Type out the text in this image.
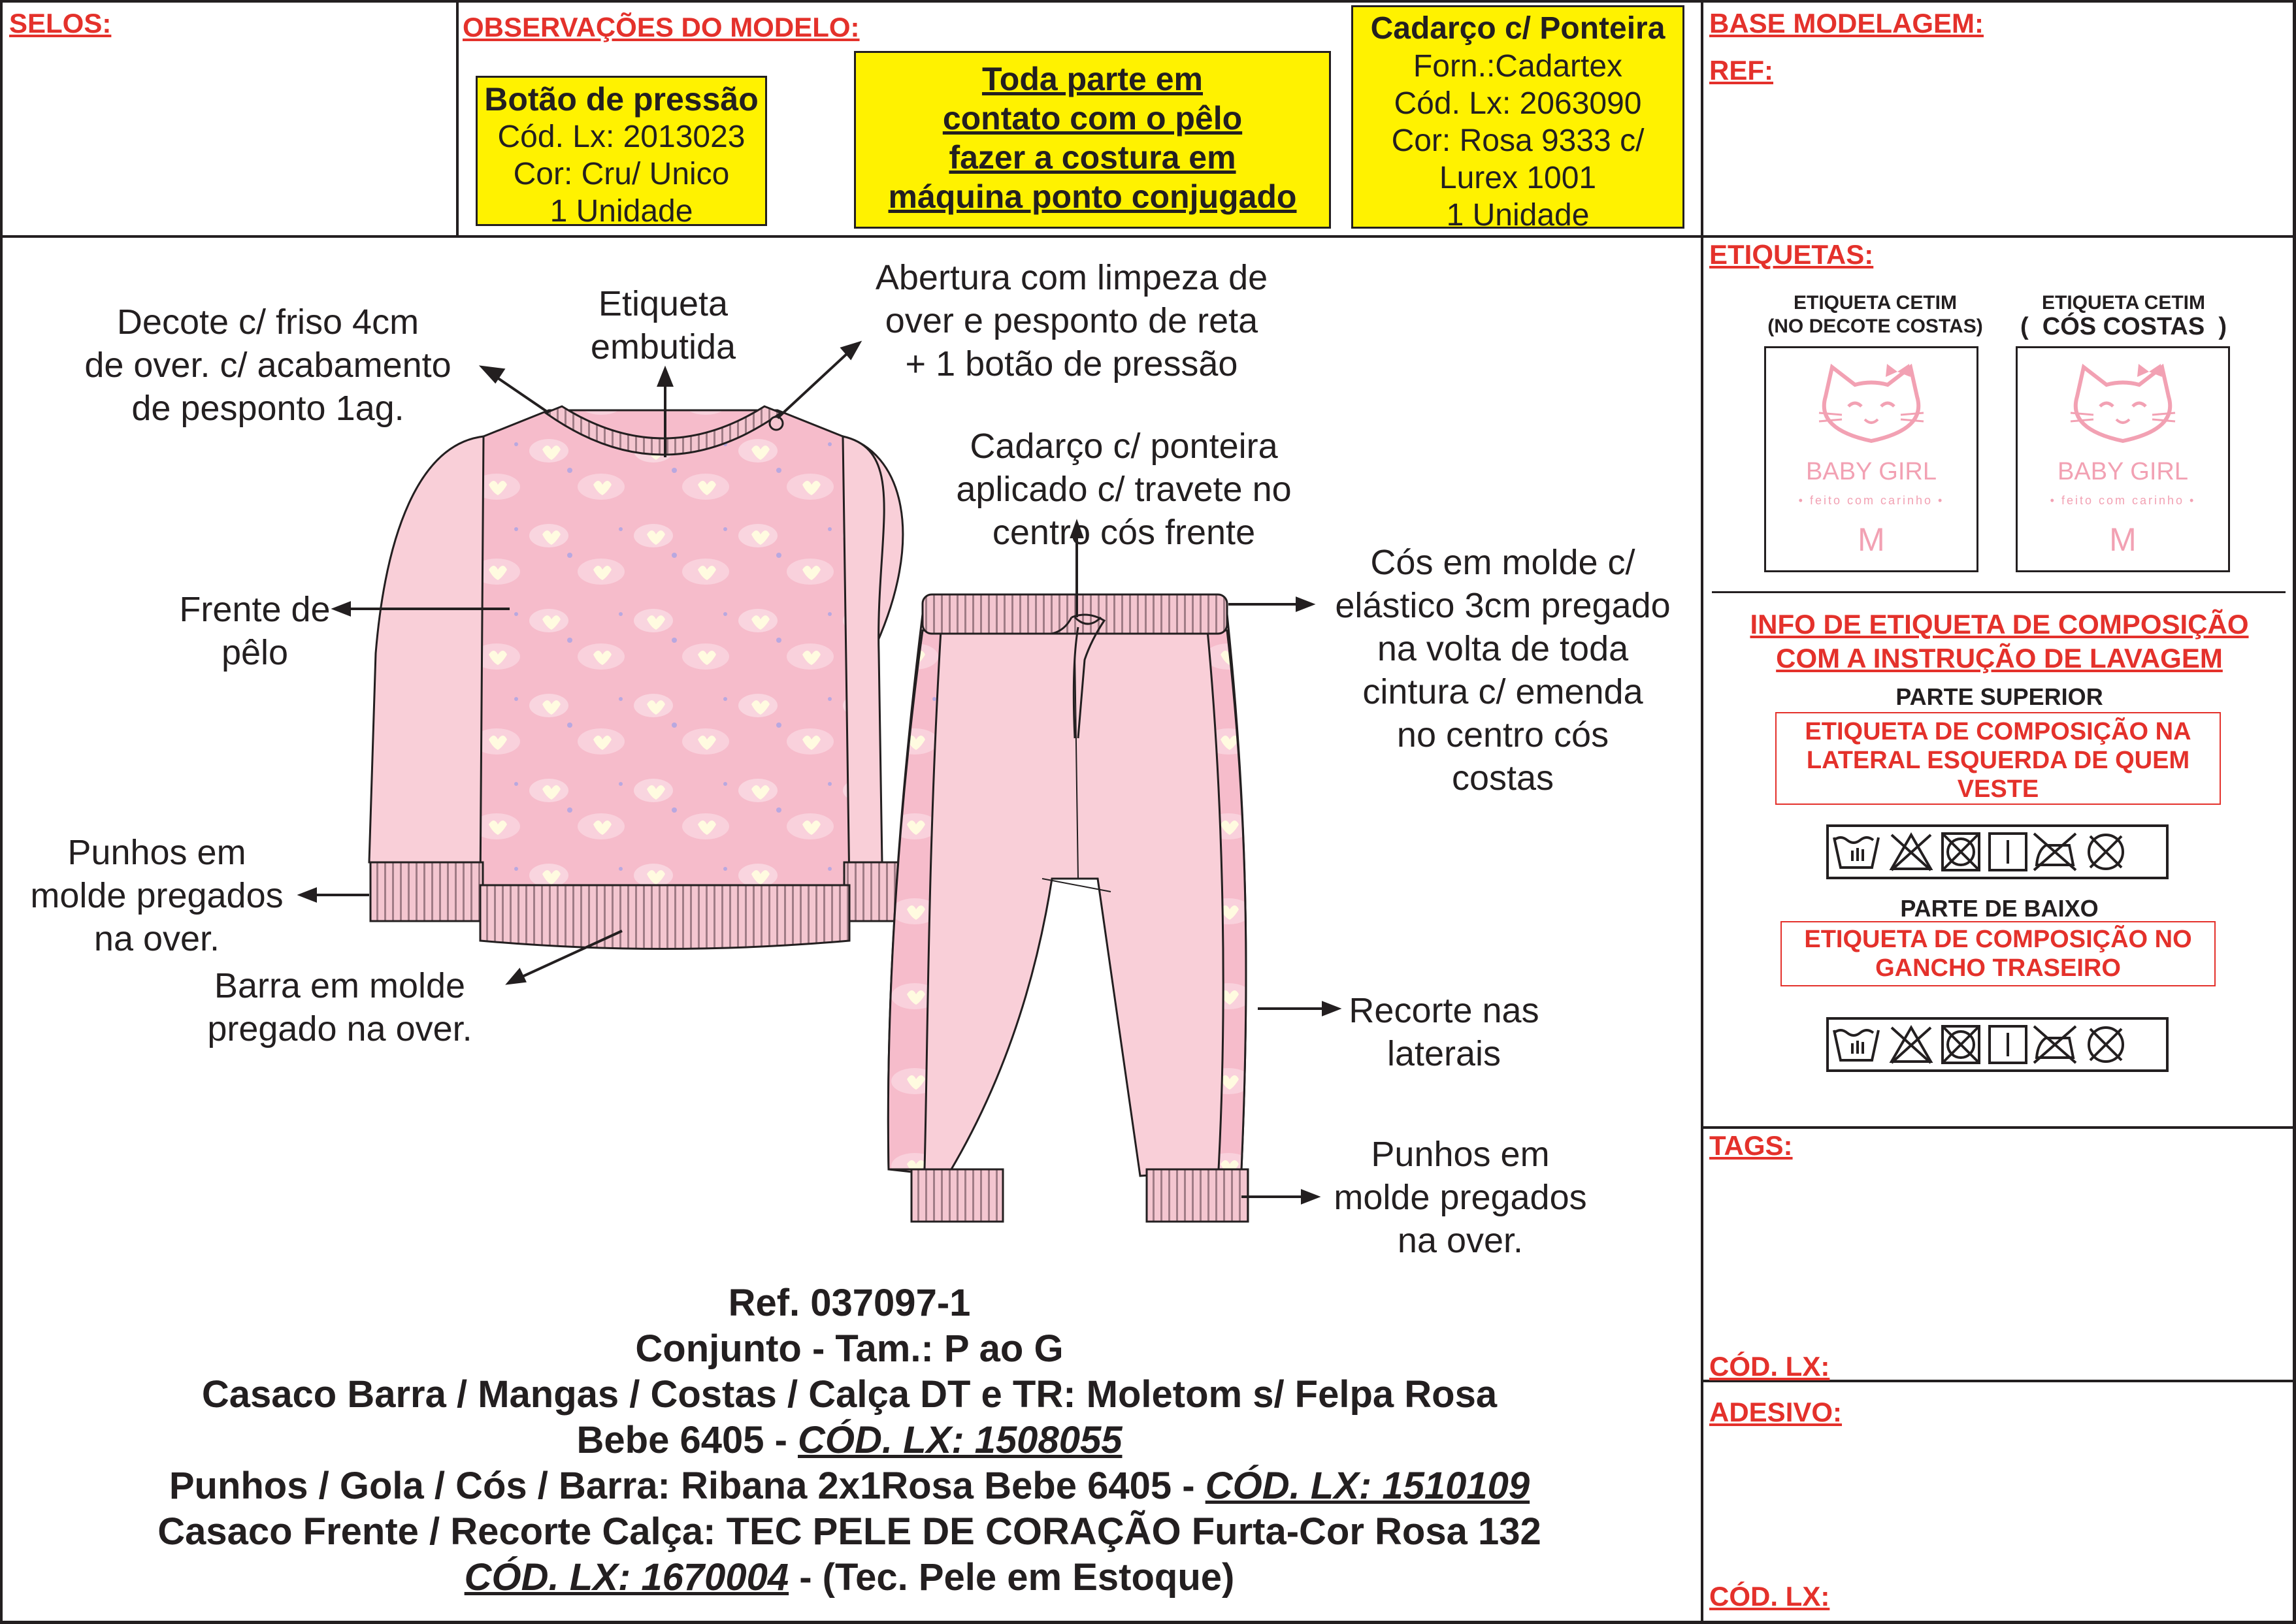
SELOS:	OBSERVAÇÕES DO MODELO:	BASE MODELAGEM:
REF:
Botão de pressão
Cód. Lx: 2013023
Cor: Cru/ Unico
1 Unidade
Toda parte em
contato com o pêlo
fazer a costura em
máquina ponto conjugado
Cadarço c/ Ponteira
Forn.:Cadartex
Cód. Lx: 2063090
Cor: Rosa 9333 c/
Lurex 1001
1 Unidade
Decote c/ friso 4cm
de over. c/ acabamento
de pesponto 1ag.
Etiqueta
embutida
Abertura com limpeza de
over e pesponto de reta
+ 1 botão de pressão
Cadarço c/ ponteira
aplicado c/ travete no
centro cós frente
Cós em molde c/
elástico 3cm pregado
na volta de toda
cintura c/ emenda
no centro cós
costas
Frente de
pêlo
Punhos em
molde pregados
na over.
Barra em molde
pregado na over.	Recorte nas
laterais
Punhos em
molde pregados
na over.
Ref. 037097-1
Conjunto - Tam.: P ao G
Casaco Barra / Mangas / Costas / Calça DT e TR: Moletom s/ Felpa Rosa
Bebe 6405 - CÓD. LX: 1508055
Punhos / Gola / Cós / Barra: Ribana 2x1Rosa Bebe 6405 - CÓD. LX: 1510109
Casaco Frente / Recorte Calça: TEC PELE DE CORAÇÃO Furta-Cor Rosa 132
CÓD. LX: 1670004 - (Tec. Pele em Estoque)
ETIQUETAS:
ETIQUETA CETIM
(NO DECOTE COSTAS)
ETIQUETA CETIM
( CÓS COSTAS )
BABY GIRL
• feito com carinho •
M
BABY GIRL
• feito com carinho •
M
INFO DE ETIQUETA DE COMPOSIÇÃO
COM A INSTRUÇÃO DE LAVAGEM
PARTE SUPERIOR
ETIQUETA DE COMPOSIÇÃO NA
LATERAL ESQUERDA DE QUEM
VESTE
PARTE DE BAIXO
ETIQUETA DE COMPOSIÇÃO NO
GANCHO TRASEIRO
TAGS:
CÓD. LX:
ADESIVO:
CÓD. LX:
